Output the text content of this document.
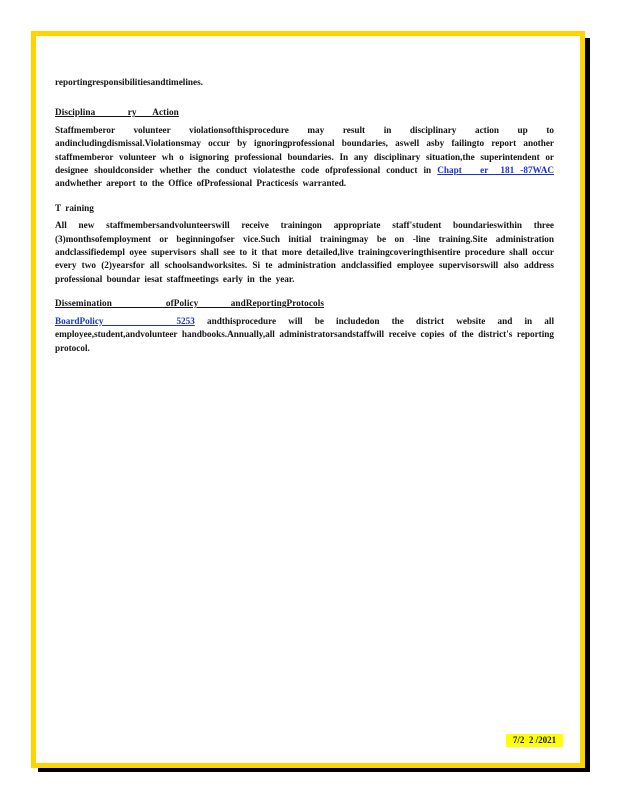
reportingresponsibilitiesandtimelines.

Disciplina      ry   Action

Staffmemberor volunteer violationsofthisprocedure may result in disciplinary action up to andincludingdismissal.Violationsmay occur by ignoringprofessional boundaries, aswell asby failingto report another staffmemberor volunteer wh o isignoring professional boundaries. In any disciplinary situation,the superintendent or designee shouldconsider whether the conduct violatesthe code ofprofessional conduct in Chapt   er  181 -87WAC andwhether areport to the Office ofProfessional Practicesis warranted.

T raining

All new staffmembersandvolunteerswill receive trainingon appropriate staff'student boundarieswithin three (3)monthsofemployment or beginningofser vice.Such initial trainingmay be on -line training.Site administration andclassifiedempl oyee supervisors shall see to it that more detailed,live trainingcoveringthisentire procedure shall occur every two (2)yearsfor all schoolsandworksites. Si te administration andclassified employee supervisorswill also address professional boundar iesat staffmeetings early in the year.

Dissemination          ofPolicy      andReportingProtocols

BoardPolicy      5253 andthisprocedure will be includedon the district website and in all employee,student,andvolunteer handbooks.Annually,all administratorsandstaffwill receive copies of the district's reporting protocol.

7/2  2 /2021
